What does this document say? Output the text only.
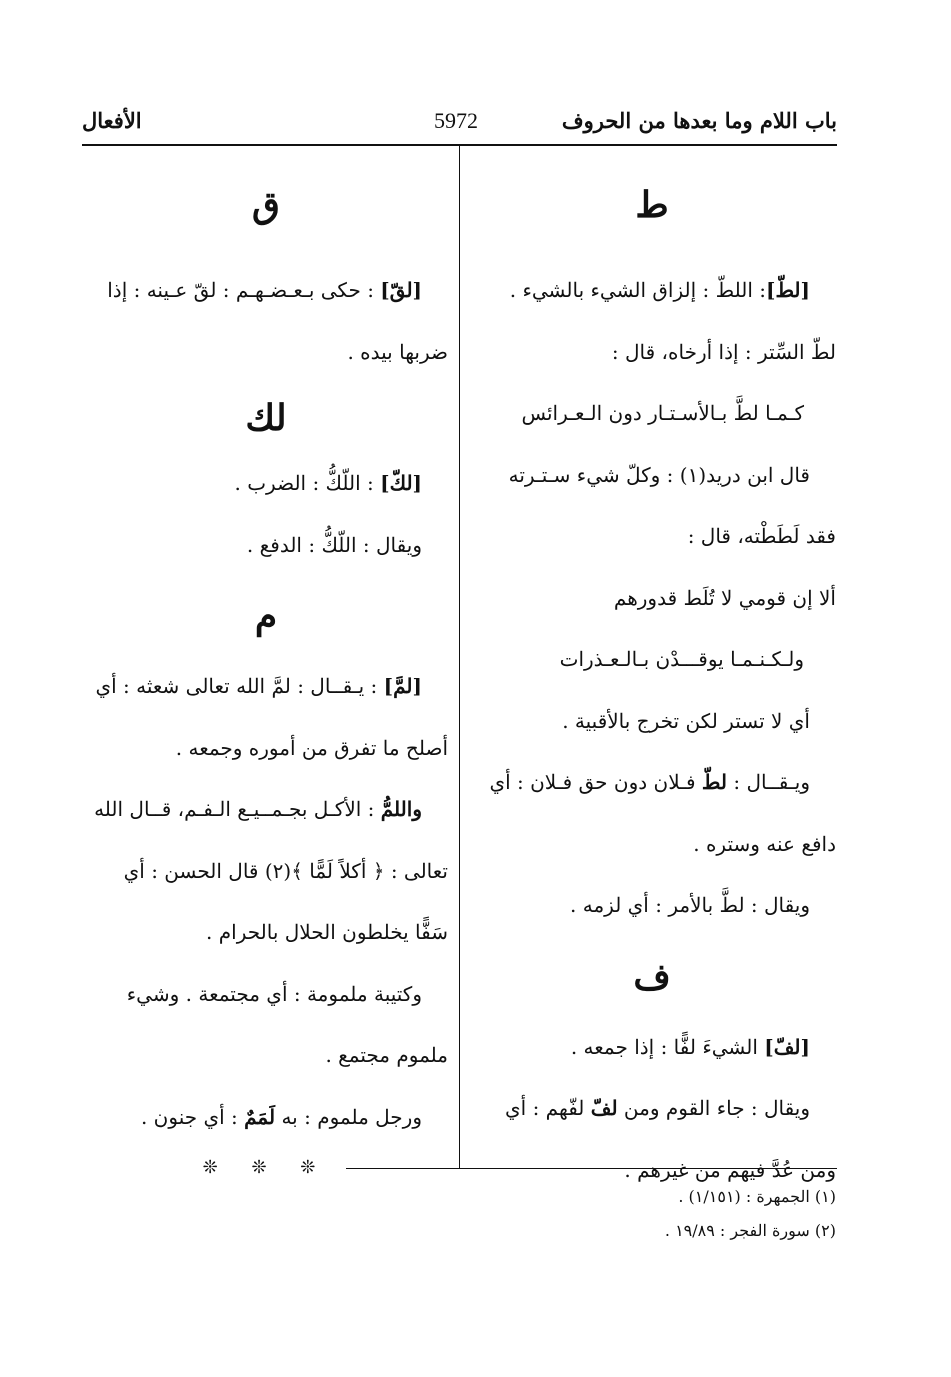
باب اللام وما بعدها من الحروف
5972
الأفعال
ط
[لطّ]: اللطّ : إلزاق الشيء بالشيء .
لطّ السِّتر : إذا أرخاه، قال :
كـمـا لطَّ بـالأسـتـار دون الـعـرائس
قال ابن دريد(١) : وكلّ شيء سـتـرته
فقد لَطَطْته، قال :
ألا إن قومي لا تُلَط قدورهم
ولـكـنـمـا يوقـــدْن بـالـعـذرات
أي لا تستر لكن تخرج بالأقبية .
ويـقــال : لطّ فـلان دون حق فـلان : أي
دافع عنه وستره .
ويقال : لطَّ بالأمر : أي لزمه .
ف
[لفّ] الشيءَ لفًّا : إذا جمعه .
ويقال : جاء القوم ومن لفّ لفّهم : أي
ومن عُدَّ فيهم من غيرهم .
ق
[لقّ] : حكى بـعـضـهـم : لقّ عـينه : إذا
ضربها بيده .
لك
[لكّ] : اللّكُّ : الضرب .
ويقال : اللّكُّ : الدفع .
م
[لمَّ] : يـقــال : لمَّ الله تعالى شعثه : أي
أصلح ما تفرق من أموره وجمعه .
واللمُّ : الأكـل بجـمــيـع الـفـم، قــال الله
تعالى : ﴿ أكلاً لَمًّا ﴾(٢) قال الحسن : أي
سَفًّا يخلطون الحلال بالحرام .
وكتيبة ملمومة : أي مجتمعة . وشيء
ملموم مجتمع .
ورجل ملموم : به لَمَمٌ : أي جنون .
❊ ❊ ❊
(١) الجمهرة : (١/١٥١) .
(٢) سورة الفجر : ١٩/٨٩ .
